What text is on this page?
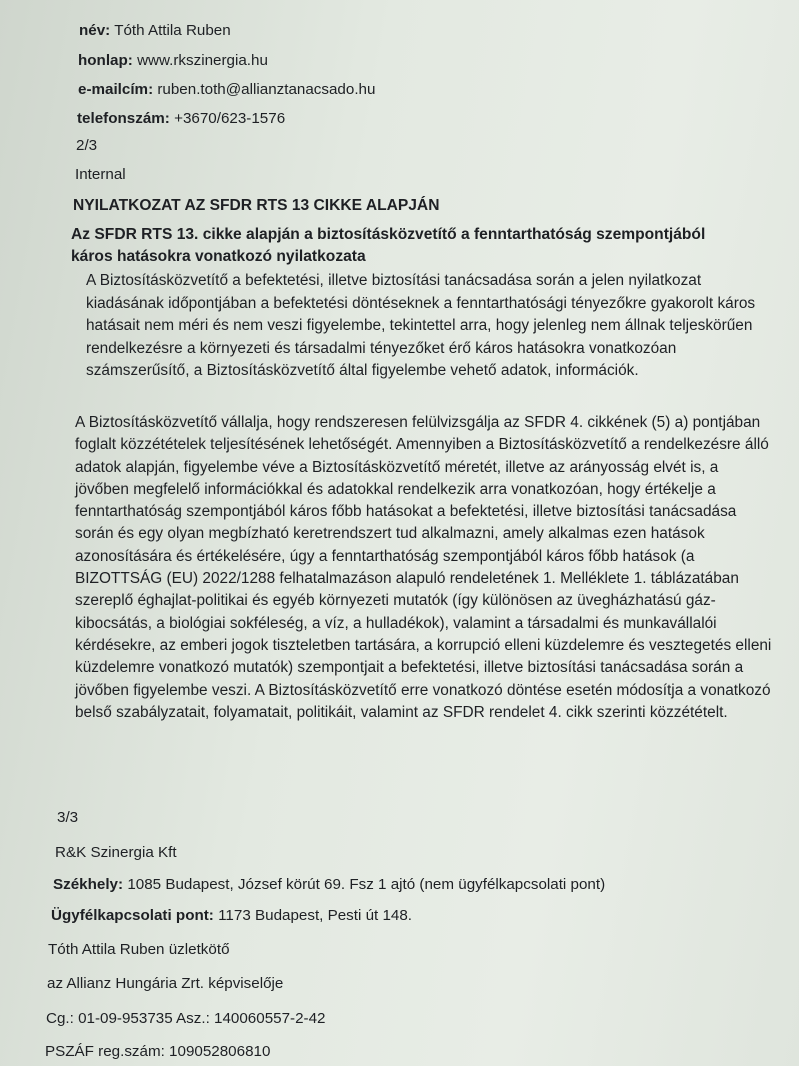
név: Tóth Attila Ruben
honlap: www.rkszinergia.hu
e-mailcím: ruben.toth@allianztanacsado.hu
telefonszám: +3670/623-1576
2/3
Internal
NYILATKOZAT AZ SFDR RTS 13 CIKKE ALAPJÁN
Az SFDR RTS 13. cikke alapján a biztosításközvetítő a fenntarthatóság szempontjából káros hatásokra vonatkozó nyilatkozata

A Biztosításközvetítő a befektetési, illetve biztosítási tanácsadása során a jelen nyilatkozat kiadásának időpontjában a befektetési döntéseknek a fenntarthatósági tényezőkre gyakorolt káros hatásait nem méri és nem veszi figyelembe, tekintettel arra, hogy jelenleg nem állnak teljeskörűen rendelkezésre a környezeti és társadalmi tényezőket érő káros hatásokra vonatkozóan számszerűsítő, a Biztosításközvetítő által figyelembe vehető adatok, információk.

A Biztosításközvetítő vállalja, hogy rendszeresen felülvizsgálja az SFDR 4. cikkének (5) a) pontjában foglalt közzétételek teljesítésének lehetőségét. Amennyiben a Biztosításközvetítő a rendelkezésre álló adatok alapján, figyelembe véve a Biztosításközvetítő méretét, illetve az arányosság elvét is, a jövőben megfelelő információkkal és adatokkal rendelkezik arra vonatkozóan, hogy értékelje a fenntarthatóság szempontjából káros főbb hatásokat a befektetési, illetve biztosítási tanácsadása során és egy olyan megbízható keretrendszert tud alkalmazni, amely alkalmas ezen hatások azonosítására és értékelésére, úgy a fenntarthatóság szempontjából káros főbb hatások (a BIZOTTSÁG (EU) 2022/1288 felhatalmazáson alapuló rendeletének 1. Melléklete 1. táblázatában szereplő éghajlat-politikai és egyéb környezeti mutatók (így különösen az üvegházhatású gáz-kibocsátás, a biológiai sokféleség, a víz, a hulladékok), valamint a társadalmi és munkavállalói kérdésekre, az emberi jogok tiszteletben tartására, a korrupció elleni küzdelemre és vesztegetés elleni küzdelemre vonatkozó mutatók) szempontjait a befektetési, illetve biztosítási tanácsadása során a jövőben figyelembe veszi. A Biztosításközvetítő erre vonatkozó döntése esetén módosítja a vonatkozó belső szabályzatait, folyamatait, politikáit, valamint az SFDR rendelet 4. cikk szerinti közzétételt.

3/3
R&K Szinergia Kft
Székhely: 1085 Budapest, József körút 69. Fsz 1 ajtó (nem ügyfélkapcsolati pont)
Ügyfélkapcsolati pont: 1173 Budapest, Pesti út 148.
Tóth Attila Ruben üzletkötő
az Allianz Hungária Zrt. képviselője
Cg.: 01-09-953735 Asz.: 140060557-2-42
PSZÁF reg.szám: 109052806810
